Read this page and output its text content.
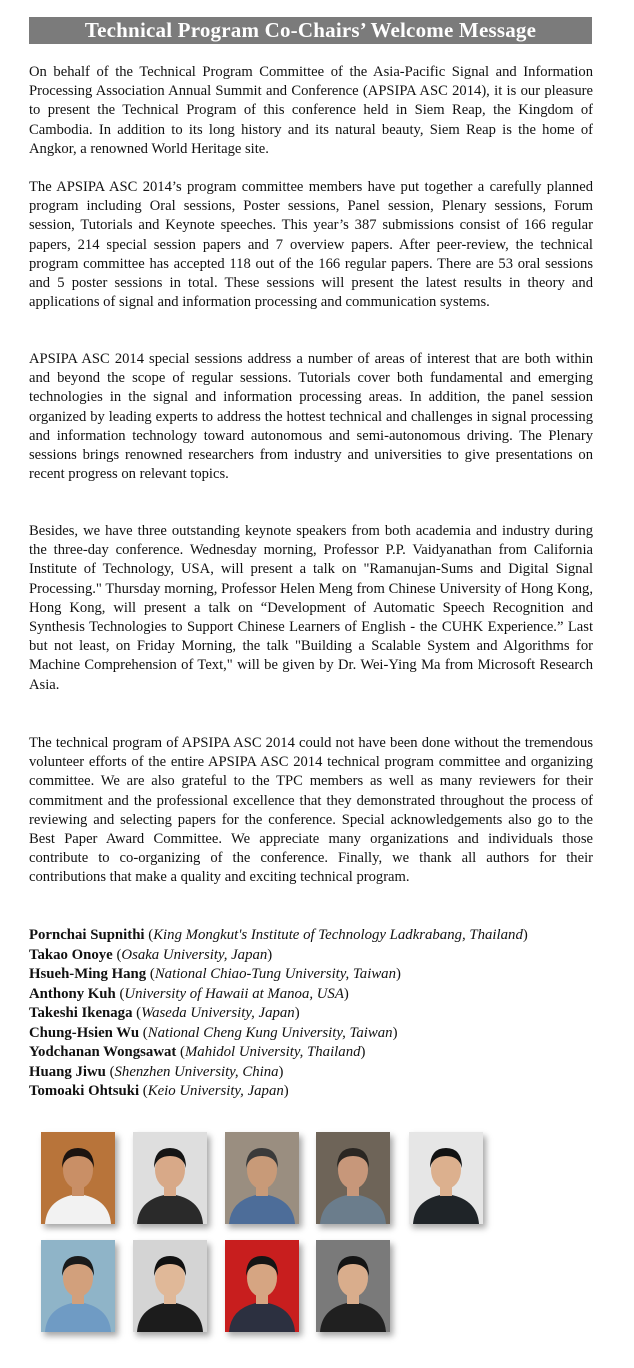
Technical Program Co-Chairs’ Welcome Message

On behalf of the Technical Program Committee of the Asia-Pacific Signal and Information Processing Association Annual Summit and Conference (APSIPA ASC 2014), it is our pleasure to present the Technical Program of this conference held in Siem Reap, the Kingdom of Cambodia. In addition to its long history and its natural beauty, Siem Reap is the home of Angkor, a renowned World Heritage site.

The APSIPA ASC 2014’s program committee members have put together a carefully planned program including Oral sessions, Poster sessions, Panel session, Plenary sessions, Forum session, Tutorials and Keynote speeches. This year’s 387 submissions consist of 166 regular papers, 214 special session papers and 7 overview papers. After peer-review, the technical program committee has accepted 118 out of the 166 regular papers. There are 53 oral sessions and 5 poster sessions in total. These sessions will present the latest results in theory and applications of signal and information processing and communication systems.

APSIPA ASC 2014 special sessions address a number of areas of interest that are both within and beyond the scope of regular sessions. Tutorials cover both fundamental and emerging technologies in the signal and information processing areas. In addition, the panel session organized by leading experts to address the hottest technical and challenges in signal processing and information technology toward autonomous and semi-autonomous driving. The Plenary sessions brings renowned researchers from industry and universities to give presentations on recent progress on relevant topics.

Besides, we have three outstanding keynote speakers from both academia and industry during the three-day conference. Wednesday morning, Professor P.P. Vaidyanathan from California Institute of Technology, USA, will present a talk on "Ramanujan-Sums and Digital Signal Processing." Thursday morning, Professor Helen Meng from Chinese University of Hong Kong, Hong Kong, will present a talk on “Development of Automatic Speech Recognition and Synthesis Technologies to Support Chinese Learners of English - the CUHK Experience.” Last but not least, on Friday Morning, the talk "Building a Scalable System and Algorithms for Machine Comprehension of Text," will be given by Dr. Wei-Ying Ma from Microsoft Research Asia.

The technical program of APSIPA ASC 2014 could not have been done without the tremendous volunteer efforts of the entire APSIPA ASC 2014 technical program committee and organizing committee. We are also grateful to the TPC members as well as many reviewers for their commitment and the professional excellence that they demonstrated throughout the process of reviewing and selecting papers for the conference. Special acknowledgements also go to the Best Paper Award Committee. We appreciate many organizations and individuals those contribute to co-organizing of the conference. Finally, we thank all authors for their contributions that make a quality and exciting technical program.

Pornchai Supnithi (King Mongkut's Institute of Technology Ladkrabang, Thailand)
Takao Onoye (Osaka University, Japan)
Hsueh-Ming Hang (National Chiao-Tung University, Taiwan)
Anthony Kuh (University of Hawaii at Manoa, USA)
Takeshi Ikenaga (Waseda University, Japan)
Chung-Hsien Wu (National Cheng Kung University, Taiwan)
Yodchanan Wongsawat (Mahidol University, Thailand)
Huang Jiwu (Shenzhen University, China)
Tomoaki Ohtsuki (Keio University, Japan)
